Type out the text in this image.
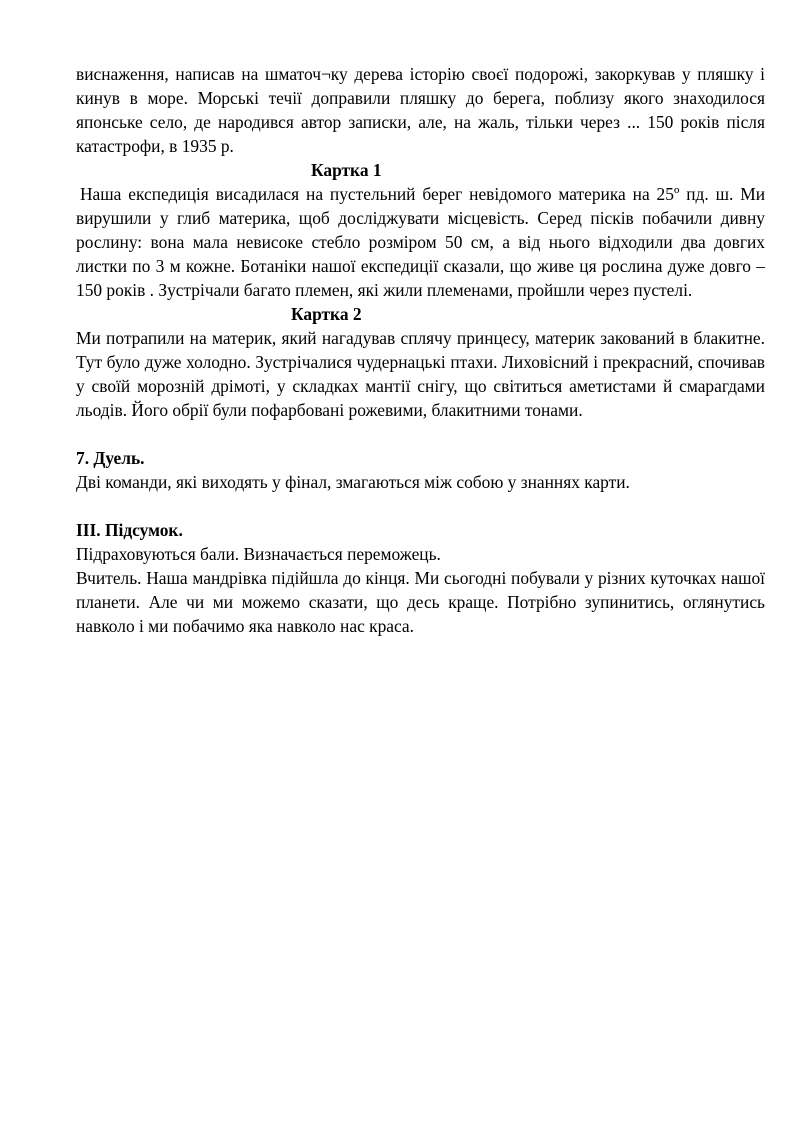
виснаження, написав на шматоч¬ку дерева історію своєї подорожі, закоркував у пляшку і кинув в море. Морські течії доправили пляшку до берега, поблизу якого знаходилося японське село, де народився автор записки, але, на жаль, тільки через ... 150 років після катастрофи, в 1935 р.

Картка 1

Наша експедиція висадилася на пустельний берег невідомого материка на 25º пд. ш. Ми вирушили у глиб материка, щоб досліджувати місцевість. Серед пісків побачили дивну рослину: вона мала невисоке стебло розміром 50 см, а від нього відходили два довгих листки по 3 м кожне. Ботаніки нашої експедиції сказали, що живе ця рослина дуже довго – 150 років . Зустрічали багато племен, які жили племенами, пройшли через пустелі.

Картка 2

Ми потрапили на материк, який нагадував сплячу принцесу, материк закований в блакитне. Тут було дуже холодно. Зустрічалися чудернацькі птахи. Лиховісний і прекрасний, спочивав у своїй морозній дрімоті, у складках мантії снігу, що світиться аметистами й смарагдами льодів. Його обрії були пофарбовані рожевими, блакитними тонами.

7. Дуель.

Дві команди, які виходять у фінал, змагаються між собою у знаннях карти.

ІІІ. Підсумок.

Підраховуються бали. Визначається переможець.

Вчитель. Наша мандрівка підійшла до кінця. Ми сьогодні побували у різних куточках нашої планети. Але чи ми можемо сказати, що десь краще. Потрібно зупинитись, оглянутись навколо і ми побачимо яка навколо нас краса.
